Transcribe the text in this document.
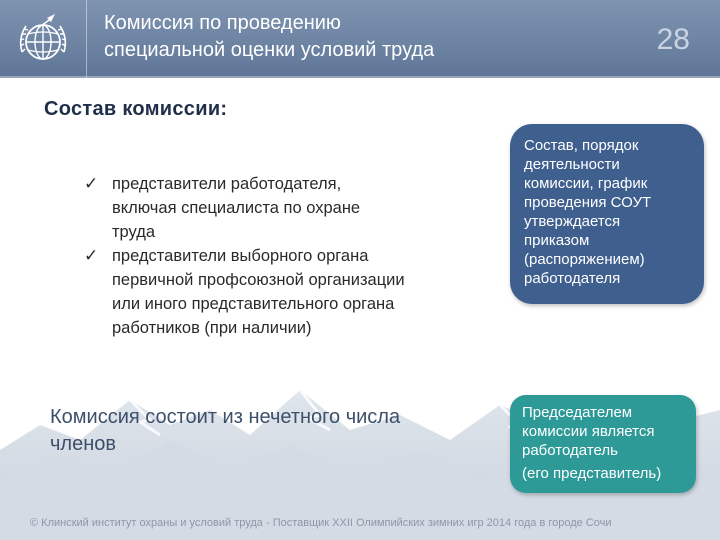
Комиссия по проведению
специальной оценки условий труда	28
Состав комиссии:
✓ представители работодателя,
включая специалиста по охране
труда
✓ представители выборного органа
первичной профсоюзной организации
или иного представительного органа
работников (при наличии)
Комиссия состоит из нечетного числа
членов
Состав, порядок
деятельности
комиссии, график
проведения СОУТ
утверждается
приказом
(распоряжением)
работодателя
Председателем
комиссии является
работодатель
(его представитель)
© Клинский институт охраны и условий труда - Поставщик XXII Олимпийских зимних игр 2014 года в городе Сочи
